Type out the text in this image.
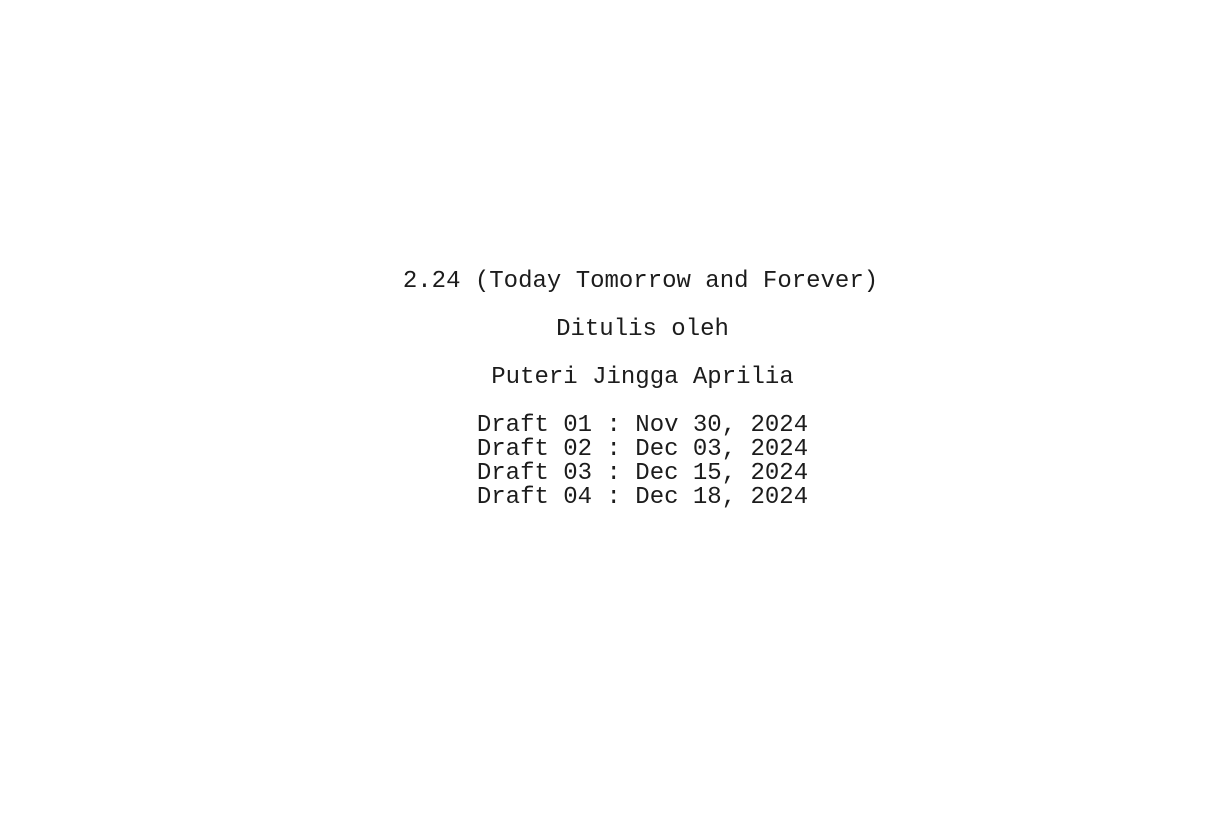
2.24 (Today Tomorrow and Forever)
Ditulis oleh
Puteri Jingga Aprilia
Draft 01 : Nov 30, 2024
Draft 02 : Dec 03, 2024
Draft 03 : Dec 15, 2024
Draft 04 : Dec 18, 2024
